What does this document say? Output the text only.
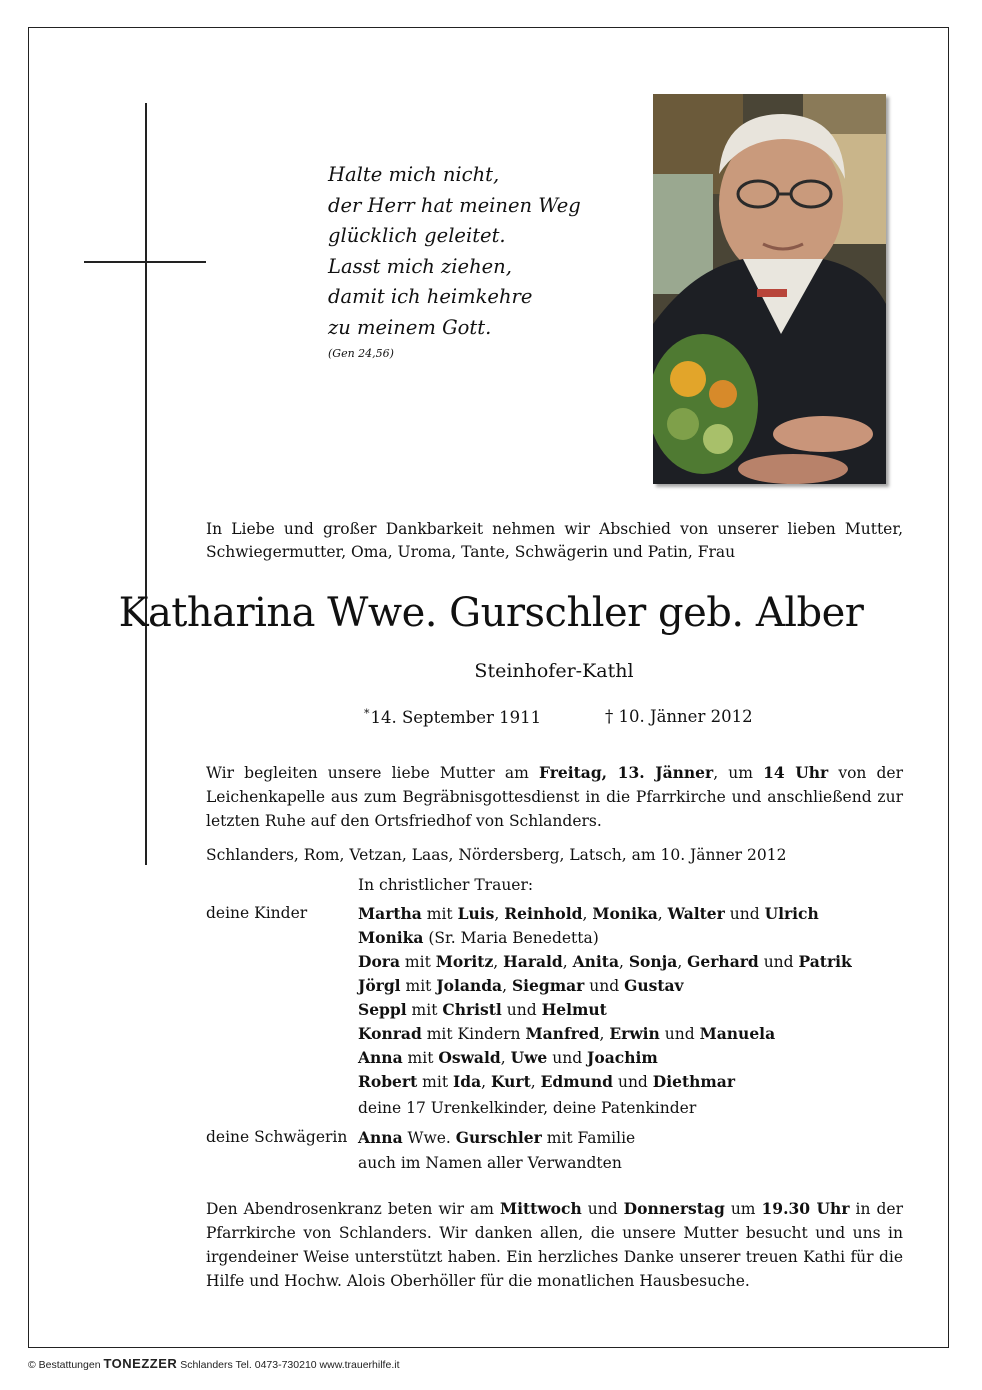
Halte mich nicht,
der Herr hat meinen Weg
glücklich geleitet.
Lasst mich ziehen,
damit ich heimkehre
zu meinem Gott.
(Gen 24,56)
In Liebe und großer Dankbarkeit nehmen wir Abschied von unserer lieben Mutter, Schwiegermutter, Oma, Uroma, Tante, Schwägerin und Patin, Frau
Katharina Wwe. Gurschler geb. Alber
Steinhofer-Kathl
*14. September 1911	† 10. Jänner 2012
Wir begleiten unsere liebe Mutter am Freitag, 13. Jänner, um 14 Uhr von der Leichenkapelle aus zum Begräbnisgottesdienst in die Pfarrkirche und anschließend zur letzten Ruhe auf den Ortsfriedhof von Schlanders.
Schlanders, Rom, Vetzan, Laas, Nördersberg, Latsch, am 10. Jänner 2012
In christlicher Trauer:
deine Kinder	Martha mit Luis, Reinhold, Monika, Walter und Ulrich
Monika (Sr. Maria Benedetta)
Dora mit Moritz, Harald, Anita, Sonja, Gerhard und Patrik
Jörgl mit Jolanda, Siegmar und Gustav
Seppl mit Christl und Helmut
Konrad mit Kindern Manfred, Erwin und Manuela
Anna mit Oswald, Uwe und Joachim
Robert mit Ida, Kurt, Edmund und Diethmar
deine 17 Urenkelkinder, deine Patenkinder
deine Schwägerin Anna Wwe. Gurschler mit Familie
auch im Namen aller Verwandten
Den Abendrosenkranz beten wir am Mittwoch und Donnerstag um 19.30 Uhr in der Pfarrkirche von Schlanders. Wir danken allen, die unsere Mutter besucht und uns in irgendeiner Weise unterstützt haben. Ein herzliches Danke unserer treuen Kathi für die Hilfe und Hochw. Alois Oberhöller für die monatlichen Hausbesuche.
© Bestattungen TONEZZER Schlanders Tel. 0473-730210 www.trauerhilfe.it
